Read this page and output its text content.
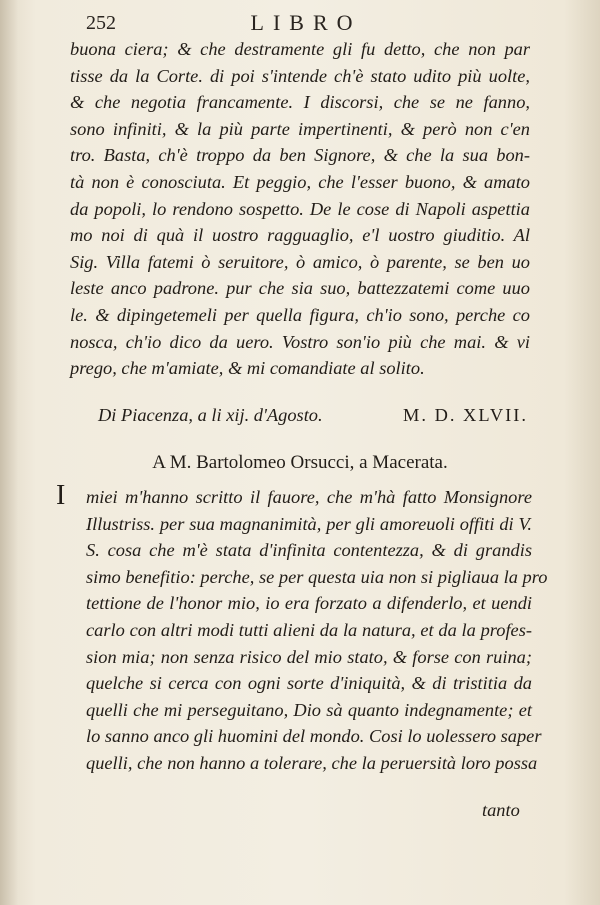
252	LIBRO
buona ciera; & che destramente gli fu detto, che non par
tisse da la Corte. di poi s'intende ch'è stato udito più uolte,
& che negotia francamente. I discorsi, che se ne fanno,
sono infiniti, & la più parte impertinenti, & però non c'en
tro. Basta, ch'è troppo da ben Signore, & che la sua bon-
tà non è conosciuta. Et peggio, che l'esser buono, & amato
da popoli, lo rendono sospetto. De le cose di Napoli aspettia
mo noi di quà il uostro ragguaglio, e'l uostro giuditio. Al
Sig. Villa fatemi ò seruitore, ò amico, ò parente, se ben uo
leste anco padrone. pur che sia suo, battezzatemi come uuo
le. & dipingetemeli per quella figura, ch'io sono, perche co
nosca, ch'io dico da uero. Vostro son'io più che mai. & vi
prego, che m'amiate, & mi comandiate al solito.
Di Piacenza, a li xij. d'Agosto.	M. D. XLVII.
A M. Bartolomeo Orsucci, a Macerata.
I miei m'hanno scritto il fauore, che m'hà fatto Monsignore
Illustriss. per sua magnanimità, per gli amoreuoli offiti di V.
S. cosa che m'è stata d'infinita contentezza, & di grandis
simo benefitio: perche, se per questa uia non si pigliaua la pro
tettione de l'honor mio, io era forzato a difenderlo, et uendi
carlo con altri modi tutti alieni da la natura, et da la profes-
sion mia; non senza risico del mio stato, & forse con ruina;
quelche si cerca con ogni sorte d'iniquità, & di tristitia da
quelli che mi perseguitano, Dio sà quanto indegnamente; et
lo sanno anco gli huomini del mondo. Cosi lo uolessero saper
quelli, che non hanno a tolerare, che la peruersità loro possa
tanto
